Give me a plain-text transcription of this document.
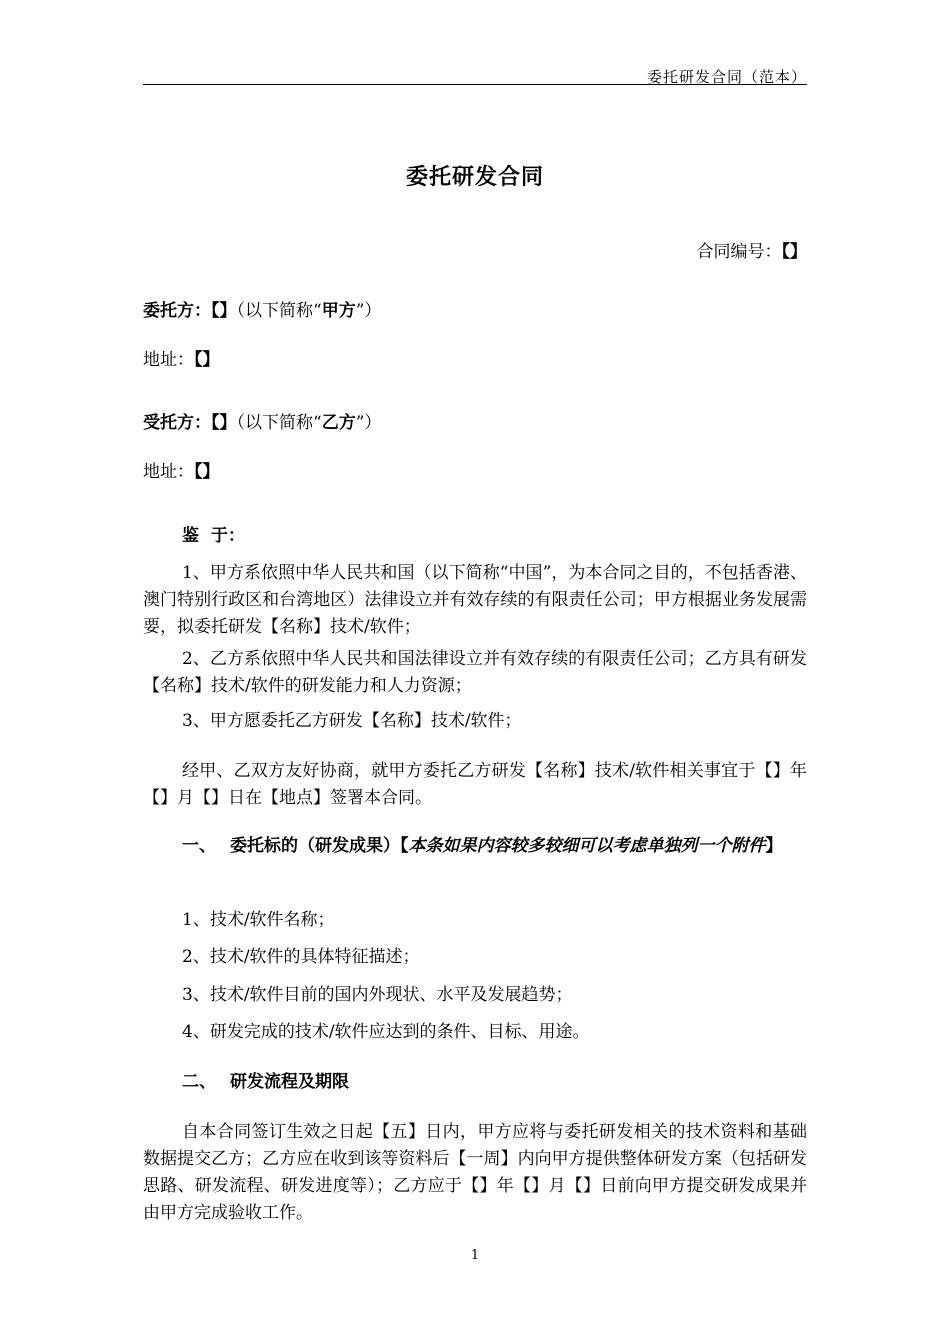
委托研发合同（范本）
委托研发合同
合同编号：【】
委托方：【】（以下简称“甲方”）
地址：【】
受托方：【】（以下简称“乙方”）
地址：【】
鉴  于：
1、甲方系依照中华人民共和国（以下简称“中国”，为本合同之目的，不包括香港、澳门特别行政区和台湾地区）法律设立并有效存续的有限责任公司；甲方根据业务发展需要，拟委托研发【名称】技术/软件；
2、乙方系依照中华人民共和国法律设立并有效存续的有限责任公司；乙方具有研发【名称】技术/软件的研发能力和人力资源；
3、甲方愿委托乙方研发【名称】技术/软件；
经甲、乙双方友好协商，就甲方委托乙方研发【名称】技术/软件相关事宜于【】年【】月【】日在【地点】签署本合同。
一、 委托标的（研发成果）【本条如果内容较多较细可以考虑单独列一个附件】
1、技术/软件名称；
2、技术/软件的具体特征描述；
3、技术/软件目前的国内外现状、水平及发展趋势；
4、研发完成的技术/软件应达到的条件、目标、用途。
二、 研发流程及期限
自本合同签订生效之日起【五】日内，甲方应将与委托研发相关的技术资料和基础数据提交乙方；乙方应在收到该等资料后【一周】内向甲方提供整体研发方案（包括研发思路、研发流程、研发进度等）；乙方应于【】年【】月【】日前向甲方提交研发成果并由甲方完成验收工作。
1
